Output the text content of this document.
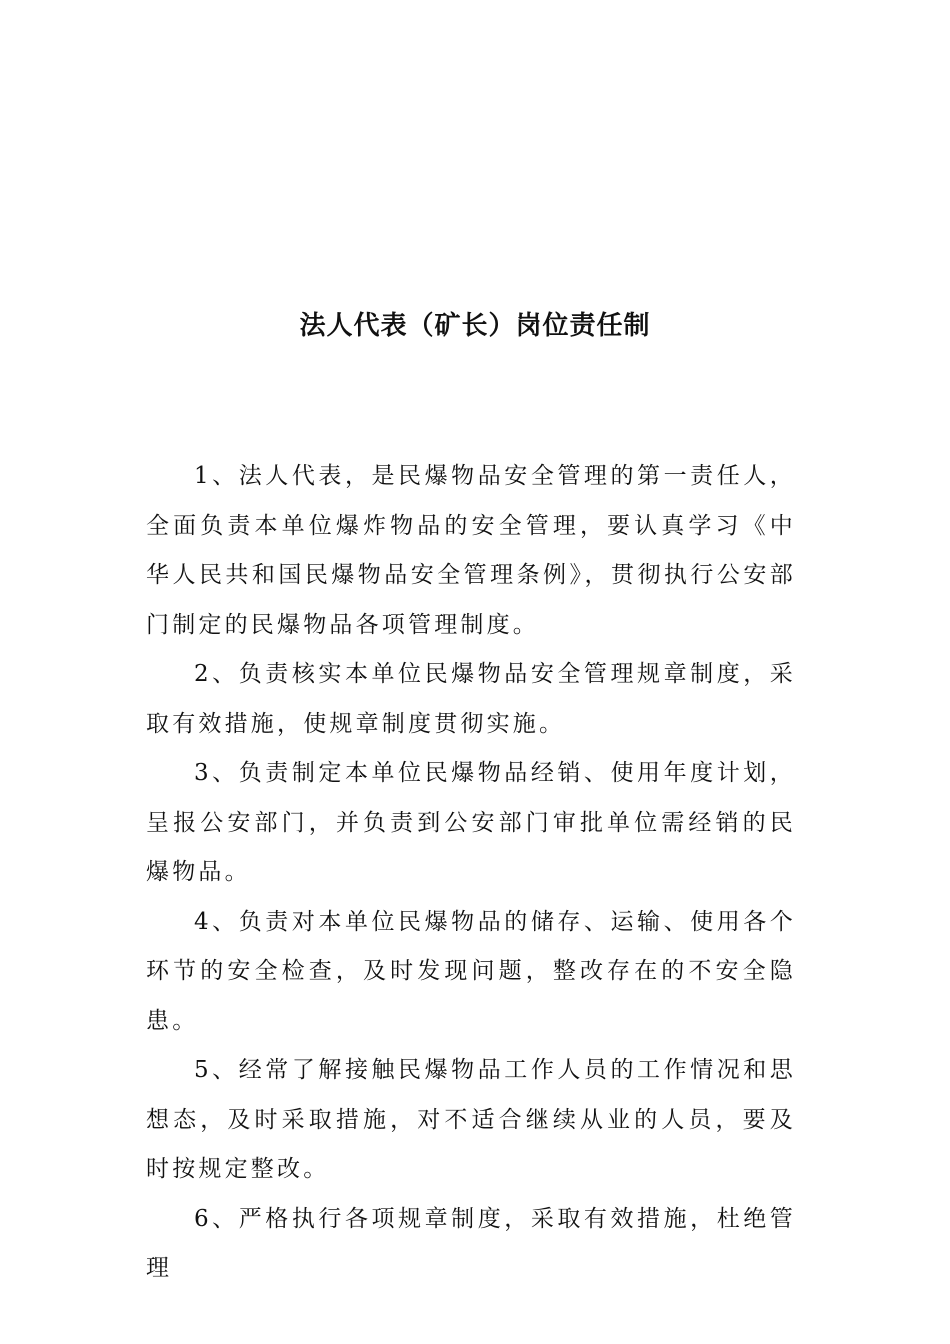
法人代表（矿长）岗位责任制

1、法人代表，是民爆物品安全管理的第一责任人，全面负责本单位爆炸物品的安全管理，要认真学习《中华人民共和国民爆物品安全管理条例》，贯彻执行公安部门制定的民爆物品各项管理制度。

2、负责核实本单位民爆物品安全管理规章制度，采取有效措施，使规章制度贯彻实施。

3、负责制定本单位民爆物品经销、使用年度计划，呈报公安部门，并负责到公安部门审批单位需经销的民爆物品。

4、负责对本单位民爆物品的储存、运输、使用各个环节的安全检查，及时发现问题，整改存在的不安全隐患。

5、经常了解接触民爆物品工作人员的工作情况和思想态，及时采取措施，对不适合继续从业的人员，要及时按规定整改。

6、严格执行各项规章制度，采取有效措施，杜绝管理
